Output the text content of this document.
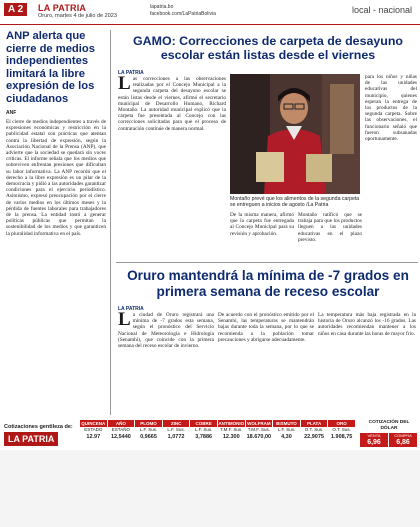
A 2	LA PATRIA
Oruro, martes 4 de julio de 2023
lapatria.bo
facebook.com/LaPatriaBolivia	local - nacional
ANP alerta que cierre de medios independientes limitará la libre expresión de los ciudadanos
ANF
El cierre de medios independientes a través de expresiones económicas y restricción en la publicidad estatal son prácticas que atentan contra la libertad de expresión, según la Asociación Nacional de la Prensa (ANP), que advierte que la sociedad se quedará sin voces críticas. El informe señala que los medios que sobreviven enfrentan presiones que dificultan su labor informativa. La ANP recordó que el derecho a la libre expresión es un pilar de la democracia y pidió a las autoridades garantizar condiciones para el ejercicio periodístico. Asimismo, expresó preocupación por el cierre de varios medios en los últimos meses y la pérdida de fuentes laborales para trabajadores de la prensa. La entidad instó a generar políticas públicas que permitan la sostenibilidad de los medios y que garanticen la pluralidad informativa en el país.
GAMO: Correcciones de carpeta de desayuno escolar están listas desde el viernes
LA PATRIA
Las correcciones a las observaciones realizadas por el Concejo Municipal a la segunda carpeta del desayuno escolar se están listas desde el viernes, afirmó el secretario municipal de Desarrollo Humano, Richard Montaño. La autoridad municipal explicó que la carpeta fue presentada al Concejo con las correcciones solicitadas para que el proceso de contratación continúe de manera normal.
Montaño prevé que los alimentos de la segunda carpeta se entreguen a inicios de agosto /La Patria
De la misma manera, afirmó que la carpeta fue entregada al Concejo Municipal para su revisión y aprobación.
Montaño ratificó que se trabaja para que los productos lleguen a las unidades educativas en el plazo previsto.
para los niños y niñas de las unidades educativas del municipio, quienes esperan la entrega de los productos de la segunda carpeta. Sobre las observaciones, el funcionario señaló que fueron subsanadas oportunamente.
Oruro mantendrá la mínima de -7 grados en primera semana de receso escolar
LA PATRIA
La ciudad de Oruro registrará una mínima de -7 grados esta semana, según el pronóstico del Servicio Nacional de Meteorología e Hidrología (Senamhi), que coincide con la primera semana del receso escolar de invierno.
De acuerdo con el pronóstico emitido por el Senamhi, las temperaturas se mantendrán bajas durante toda la semana, por lo que se recomienda a la población tomar precauciones y abrigarse adecuadamente.
La temperatura más baja registrada en la historia de Oruro alcanzó los -16 grados. Las autoridades recomiendan mantener a los niños en casa durante las horas de mayor frío.
Cotizaciones gentileza de:
LA PATRIA
QUINCENA
ESTADO
12.97
AÑO
ESTAÑO
12,5440
PLOMO
L.F. Sus.
0,9665
ZINC
L.F. Sus.
1,0772
COBRE
L.F. Sus.
3,7886
ANTIMONIO
T.M.F. Sus.
12.300
WOLFRAM
T.M.F. Sus.
18.670,00
BISMUTO
L.F. Sus.
4,30
PLATA
O.T. Sus.
22,9075
ORO
O.T. Sus.
1.908,75
COTIZACIÓN DEL DÓLAR
VENTA
6,96
COMPRA
6,86
